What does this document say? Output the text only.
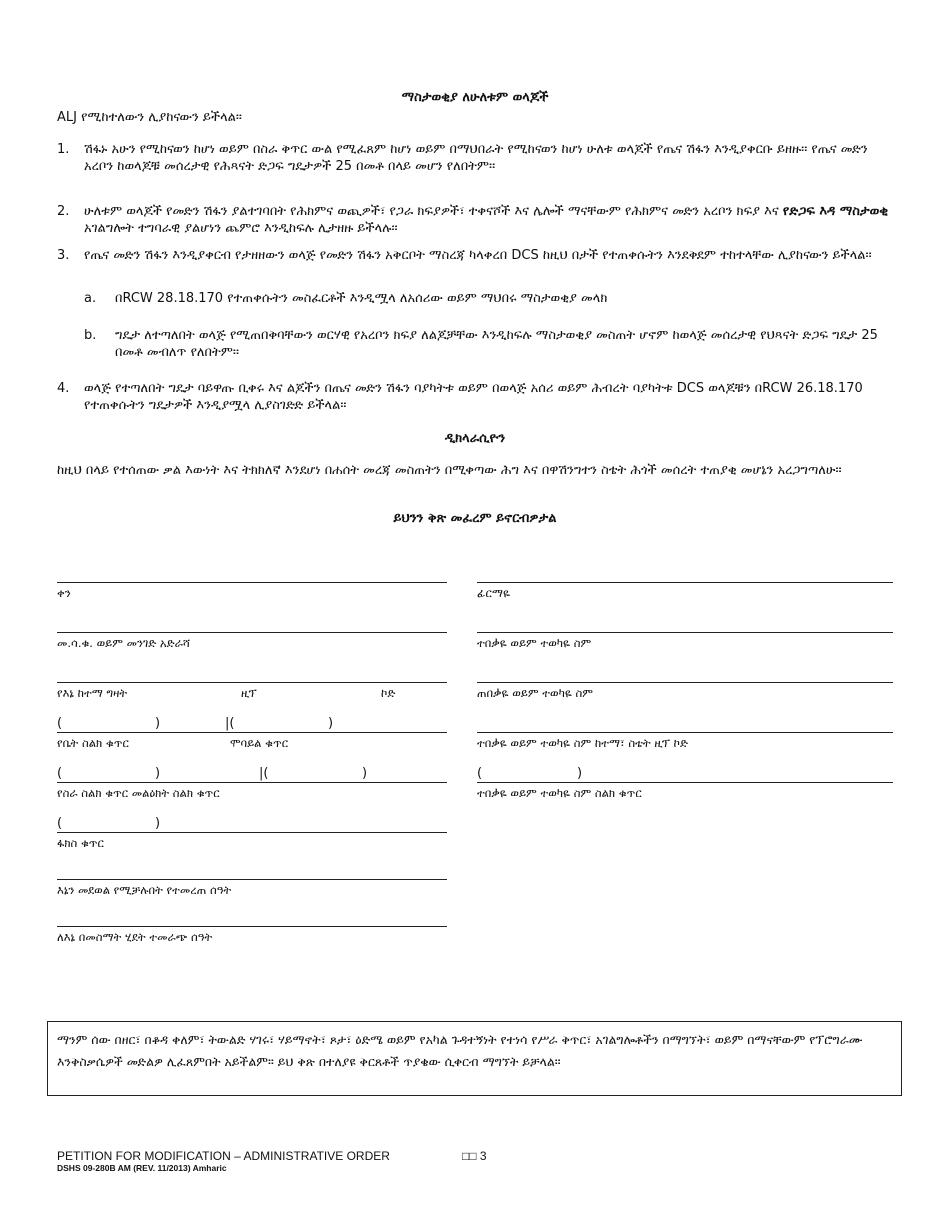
ማስታወቂያ ለሁለቱም ወላጆች
ALJ የሚከተለውን ሊያከናውን ይችላል፡፡
1. ሽፋኑ አሁን የሚከናወን ከሆነ ወይም በስራ ቅጥር ውል የሚፈጸም ከሆነ ወይም በማህበራት የሚከናወን ከሆነ ሁለቱ ወላጆች የጤና ሽፋን እንዲያቀርቡ ይዘዙ፡፡ የጤና መድን አረቦን ከወላጆቹ መሰረታዊ የሕጻናት ድጋፍ ግዴታዎች 25 በመቶ በላይ መሆን የለበትም፡፡
2. ሁለቱም ወላጆች የመድን ሽፋን ያልተገባበት የሕክምና ወጪዎች፣ የጋራ ክፍያዎች፣ ተቀናሾች እና ሌሎች ማናቸውም የሕክምና መድን አረቦን ክፍያ እና የድጋፍ እዳ ማስታወቂ አገልግሎት ተግባራዊ ያልሆነን ጨምሮ እንዲከፍሉ ሊታዘዙ ይችላሉ፡፡
3. የጤና መድን ሽፋን እንዲያቀርብ የታዘዘውን ወላጅ የመድን ሽፋን አቅርቦት ማስረጃ ካላቀረበ DCS ከዚህ በታች የተጠቀሱትን እንደቅደም ተከተላቸው ሊያከናውን ይችላል፡፡
a. በRCW 28.18.170 የተጠቀሱትን መስፈርቶች እንዲሟላ ለአሰሪው ወይም ማህበሩ ማስታወቂያ መላክ
b. ግዴታ ለተጣለበት ወላጅ የሚጠበቅባቸውን ወርሃዊ የአረቦን ክፍያ ለልጆቻቸው እንዲከፍሉ ማስታወቂያ መስጠት ሆኖም ከወላጅ መሰረታዊ የህጻናት ድጋፍ ግዴታ 25 በመቶ መብለጥ የለበትም፡፡
4. ወላጅ የተጣለበት ግዴታ ባይዋጡ ቢቀሩ እና ልጆችን በጤና መድን ሽፋን ባያካትቱ ወይም በወላጅ አሰሪ ወይም ሕብረት ባያካትቱ DCS ወላጆቹን በRCW 26.18.170 የተጠቀሱትን ግዴታዎች እንዲያሟላ ሊያስገድድ ይችላል፡፡
ዲክላራሲዮን
ከዚህ በላይ የተሰጠው ቃል እውነት እና ትክክለኛ እንደሆነ በሐሰት መረጃ መስጠትን በሚቀጣው ሕግ እና በዋሽንግተን ስቴት ሕጎች መሰረት ተጠያቂ መሆኔን አረጋግጣለሁ።
ይህንን ቅጽ መፈረም ይኖርብዎታል
ቀን
መ.ሳ.ቁ. ወይም መንገድ አድራሻ
የእኔ ከተማ ግዛት	ዚፕ	ኮድ
(	)	|(	)
የቤት ስልክ ቁጥር	ሞባይል ቁጥር
(	)	|(	)
የስራ ስልክ ቁጥር መልዕክት ስልክ ቁጥር
(	)
ፋክስ ቁጥር
እኔን መደወል የሚቻሉበት የተመረጠ ሰዓት
ለእኔ በመስማት ሂደት ተመራጭ ሰዓት
ፊርማዬ
ተበቃዬ ወይም ተወካዬ ስም
ጠበቃዬ ወይም ተወካዬ ስም
ተበቃዬ ወይም ተወካዬ ስም ከተማ፣ ስቴት ዚፕ ኮድ
(	)
ተበቃዬ ወይም ተወካዬ ስም ስልክ ቁጥር
ማንም ሰው በዘር፣ በቆዳ ቀለም፣ ትውልድ ሃገሩ፣ ሃይማኖት፣ ጾታ፣ ዕድሜ ወይም የአካል ጉዳተኝነት የተነሳ የሥራ ቅጥር፣ አገልግሎቶችን በማግኘት፣ ወይም በማናቸውም የፕሮግራሙ እንቅስቃሴዎች መድልዎ ሊፈጸምበት አይችልም። ይህ ቅጽ በተለያዩ ቅርጸቶች ጥያቄው ሲቀርብ ማግኘት ይቻላል።
PETITION FOR MODIFICATION – ADMINISTRATIVE ORDER	□□ 3
DSHS 09-280B AM (REV. 11/2013) Amharic
